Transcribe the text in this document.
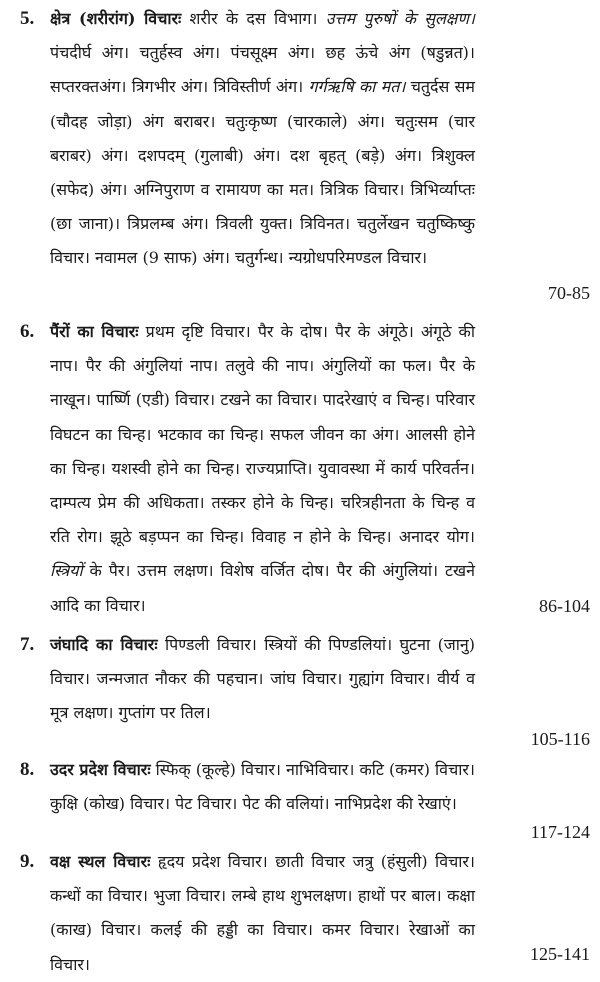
5. क्षेत्र (शरीरांग) विचारः शरीर के दस विभाग। उत्तम पुरुषों के सुलक्षण। पंचदीर्घ अंग। चतुर्हस्व अंग। पंचसूक्ष्म अंग। छह ऊंचे अंग (षडुन्नत)। सप्तरक्तअंग। त्रिगभीर अंग। त्रिविस्तीर्ण अंग। गर्गऋषि का मत। चतुर्दस सम (चौदह जोड़ा) अंग बराबर। चतुःकृष्ण (चारकाले) अंग। चतुःसम (चार बराबर) अंग। दशपदम् (गुलाबी) अंग। दश बृहत् (बड़े) अंग। त्रिशुक्ल (सफेद) अंग। अग्निपुराण व रामायण का मत। त्रित्रिक विचार। त्रिभिर्व्याप्तः (छा जाना)। त्रिप्रलम्ब अंग। त्रिवली युक्त। त्रिविनत। चतुर्लेखन चतुष्किष्कु विचार। नवामल (9 साफ) अंग। चतुर्गन्ध। न्यग्रोधपरिमण्डल विचार।
70-85
6. पैंरों का विचारः प्रथम दृष्टि विचार। पैर के दोष। पैर के अंगूठे। अंगूठे की नाप। पैर की अंगुलियां नाप। तलुवे की नाप। अंगुलियों का फल। पैर के नाखून। पार्ष्णि (एडी) विचार। टखने का विचार। पादरेखाएं व चिन्ह। परिवार विघटन का चिन्ह। भटकाव का चिन्ह। सफल जीवन का अंग। आलसी होने का चिन्ह। यशस्वी होने का चिन्ह। राज्यप्राप्ति। युवावस्था में कार्य परिवर्तन। दाम्पत्य प्रेम की अधिकता। तस्कर होने के चिन्ह। चरित्रहीनता के चिन्ह व रति रोग। झूठे बड़प्पन का चिन्ह। विवाह न होने के चिन्ह। अनादर योग। स्त्रियों के पैर। उत्तम लक्षण। विशेष वर्जित दोष। पैर की अंगुलियां। टखने आदि का विचार।	86-104
7. जंघादि का विचारः पिण्डली विचार। स्त्रियों की पिण्डलियां। घुटना (जानु) विचार। जन्मजात नौकर की पहचान। जांघ विचार। गुह्यांग विचार। वीर्य व मूत्र लक्षण। गुप्तांग पर तिल।
105-116
8. उदर प्रदेश विचारः स्फिक् (कूल्हे) विचार। नाभिविचार। कटि (कमर) विचार। कुक्षि (कोख) विचार। पेट विचार। पेट की वलियां। नाभिप्रदेश की रेखाएं।
117-124
9. वक्ष स्थल विचारः हृदय प्रदेश विचार। छाती विचार जत्रु (हंसुली) विचार। कन्धों का विचार। भुजा विचार। लम्बे हाथ शुभलक्षण। हाथों पर बाल। कक्षा (काख) विचार। कलई की हड्डी का विचार। कमर विचार। रेखाओं का विचार।
125-141
